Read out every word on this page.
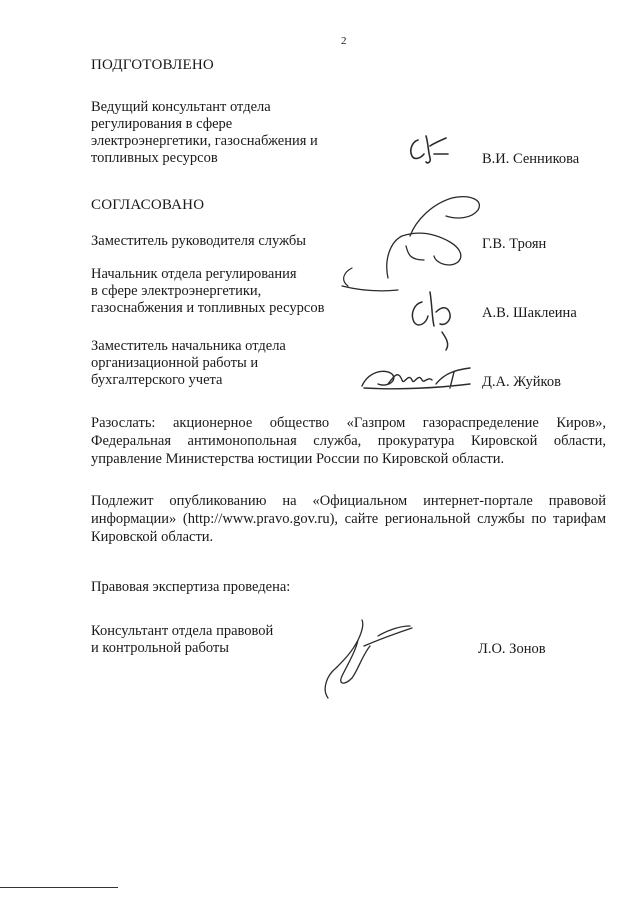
2
ПОДГОТОВЛЕНО
Ведущий консультант отдела
регулирования в сфере
электроэнергетики, газоснабжения и
топливных ресурсов	В.И. Сенникова
СОГЛАСОВАНО
Заместитель руководителя службы	Г.В. Троян
Начальник отдела регулирования
в сфере электроэнергетики,
газоснабжения и топливных ресурсов	А.В. Шаклеина
Заместитель начальника отдела
организационной работы и
бухгалтерского учета	Д.А. Жуйков
Разослать: акционерное общество «Газпром газораспределение Киров», Федеральная антимонопольная служба, прокуратура Кировской области, управление Министерства юстиции России по Кировской области.
Подлежит опубликованию на «Официальном интернет-портале правовой информации» (http://www.pravo.gov.ru), сайте региональной службы по тарифам Кировской области.
Правовая экспертиза проведена:
Консультант отдела правовой
и контрольной работы	Л.О. Зонов
